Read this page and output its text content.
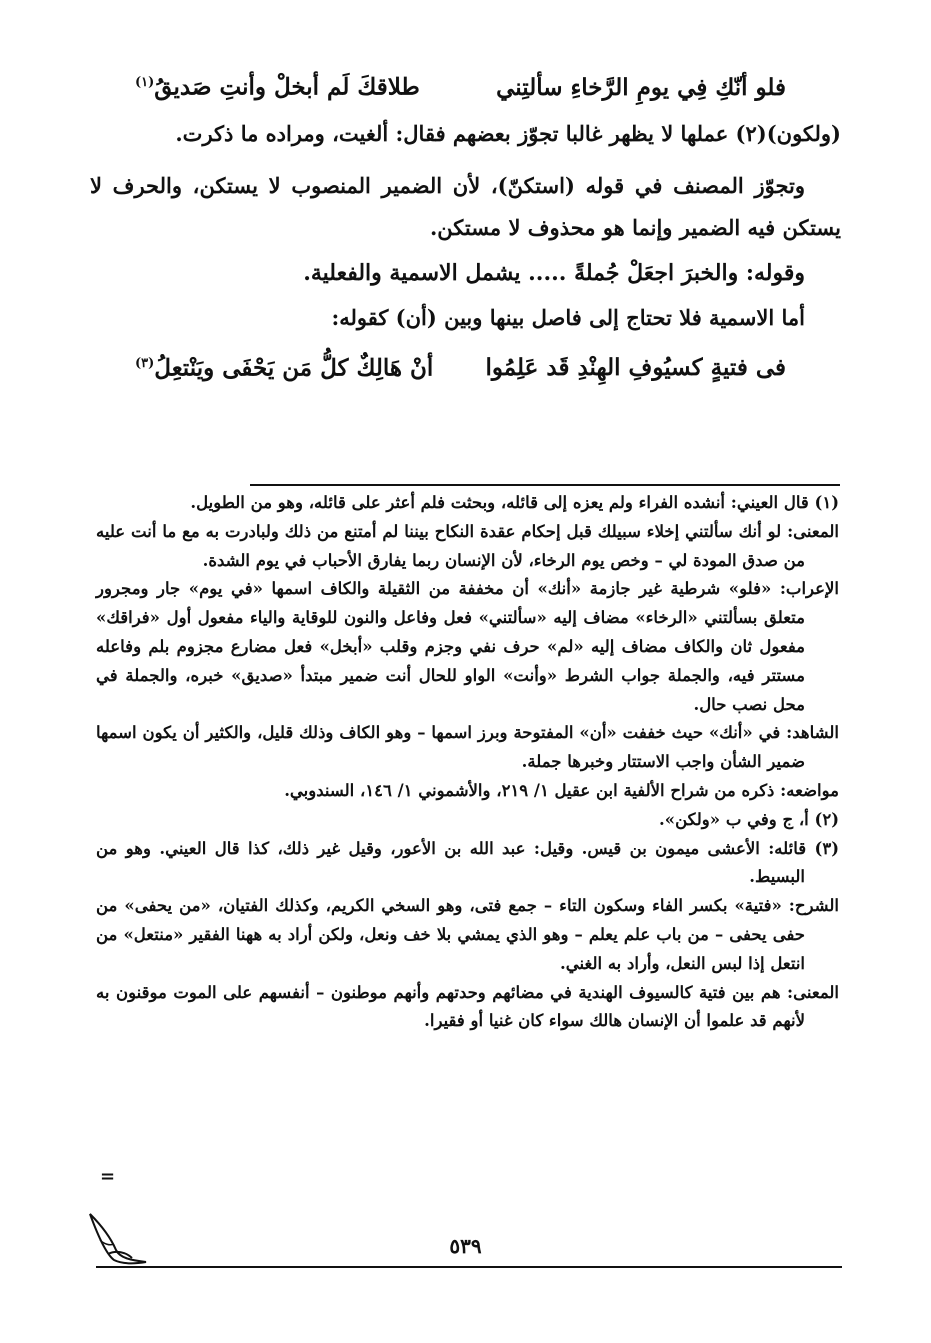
فلو أنّكِ فِي يومِ الرَّخاءِ سألتِني
طلاقكَ لَم أبخلْ وأنتِ صَديقُ$^{(١)}$

(ولكون)(٢) عملها لا يظهر غالبا تجوّز بعضهم فقال: ألغيت، ومراده ما ذكرت.

وتجوّز المصنف في قوله (استكنّ)، لأن الضمير المنصوب لا يستكن، والحرف لا يستكن فيه الضمير وإنما هو محذوف لا مستكن.

وقوله: والخبرَ اجعَلْ جُملةً ..... يشمل الاسمية والفعلية.

أما الاسمية فلا تحتاج إلى فاصل بينها وبين (أن) كقوله:

فى فتيةٍ كسيُوفِ الهِنْدِ قَد عَلِمُوا
أنْ هَالِكٌ كلُّ مَن يَحْفَى ويَنْتعِلُ$^{(٣)}$

(١) قال العيني: أنشده الفراء ولم يعزه إلى قائله، وبحثت فلم أعثر على قائله، وهو من الطويل.

المعنى: لو أنك سألتني إخلاء سبيلك قبل إحكام عقدة النكاح بيننا لم أمتنع من ذلك ولبادرت به مع ما أنت عليه من صدق المودة لي – وخص يوم الرخاء، لأن الإنسان ربما يفارق الأحباب في يوم الشدة.

الإعراب: «فلو» شرطية غير جازمة «أنك» أن مخففة من الثقيلة والكاف اسمها «في يوم» جار ومجرور متعلق بسألتني «الرخاء» مضاف إليه «سألتني» فعل وفاعل والنون للوقاية والياء مفعول أول «فراقك» مفعول ثان والكاف مضاف إليه «لم» حرف نفي وجزم وقلب «أبخل» فعل مضارع مجزوم بلم وفاعله مستتر فيه، والجملة جواب الشرط «وأنت» الواو للحال أنت ضمير مبتدأ «صديق» خبره، والجملة في محل نصب حال.

الشاهد: في «أنك» حيث خففت «أن» المفتوحة وبرز اسمها – وهو الكاف وذلك قليل، والكثير أن يكون اسمها ضمير الشأن واجب الاستتار وخبرها جملة.

مواضعه: ذكره من شراح الألفية ابن عقيل ١/ ٢١٩، والأشموني ١/ ١٤٦، السندوبي.

(٢) أ، ج وفي ب «ولكن».

(٣) قائله: الأعشى ميمون بن قيس. وقيل: عبد الله بن الأعور، وقيل غير ذلك، كذا قال العيني. وهو من البسيط.

الشرح: «فتية» بكسر الفاء وسكون التاء – جمع فتى، وهو السخي الكريم، وكذلك الفتيان، «من يحفى» من حفى يحفى – من باب علم يعلم – وهو الذي يمشي بلا خف ونعل، ولكن أراد به ههنا الفقير «منتعل» من انتعل إذا لبس النعل، وأراد به الغني.

المعنى: هم بين فتية كالسيوف الهندية في مضائهم وحدتهم وأنهم موطنون – أنفسهم على الموت موقنون به لأنهم قد علموا أن الإنسان هالك سواء كان غنيا أو فقيرا.

=
٥٣٩
